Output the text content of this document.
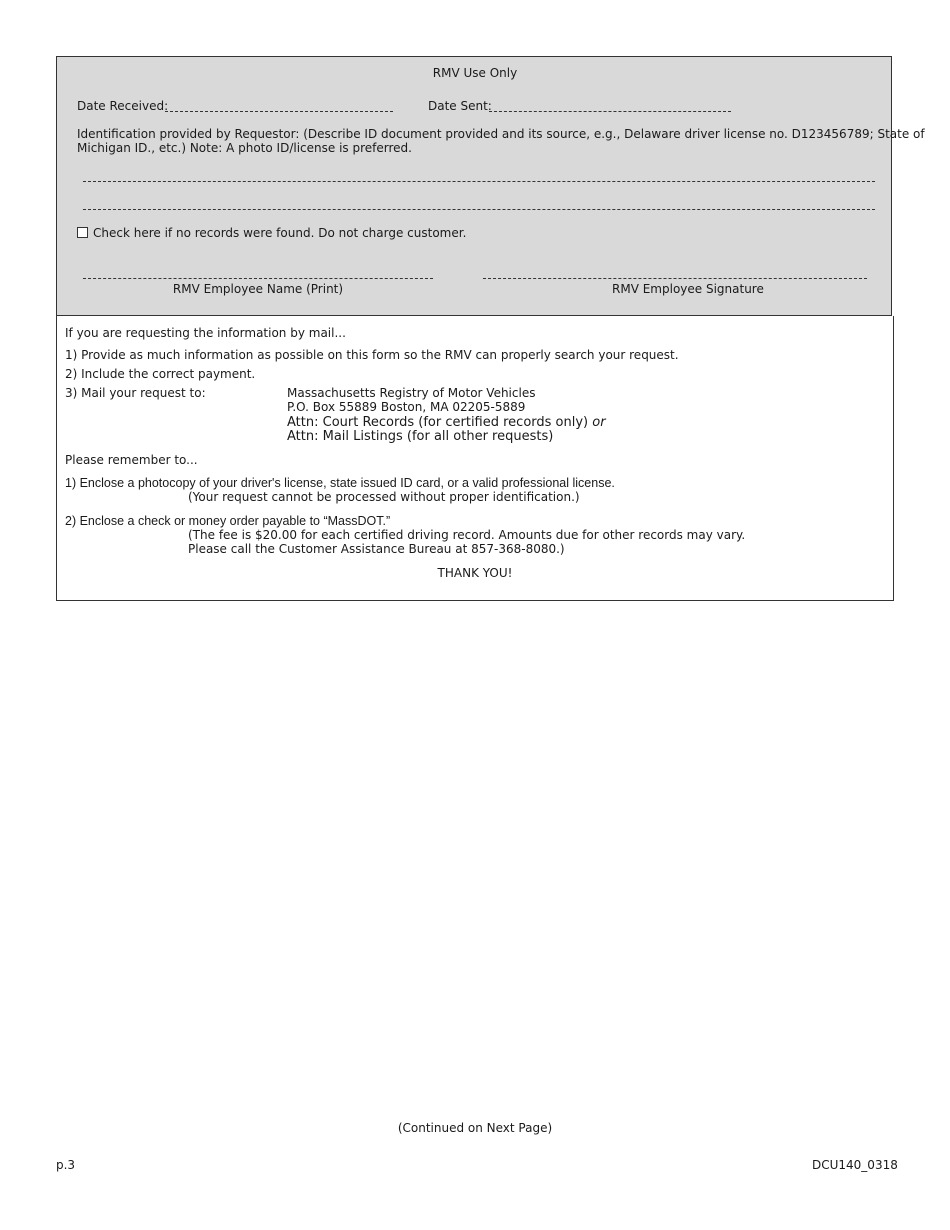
RMV Use Only
Date Received:	Date Sent:
Identification provided by Requestor: (Describe ID document provided and its source, e.g., Delaware driver license no. D123456789; State of
Michigan ID., etc.) Note: A photo ID/license is preferred.
Check here if no records were found. Do not charge customer.
RMV Employee Name (Print)	RMV Employee Signature
If you are requesting the information by mail...
1) Provide as much information as possible on this form so the RMV can properly search your request.
2) Include the correct payment.
3) Mail your request to:	Massachusetts Registry of Motor Vehicles
P.O. Box 55889 Boston, MA 02205-5889
Attn: Court Records (for certified records only) or
Attn: Mail Listings (for all other requests)
Please remember to...
1) Enclose a photocopy of your driver's license, state issued ID card, or a valid professional license.
(Your request cannot be processed without proper identification.)
2) Enclose a check or money order payable to “MassDOT.”
(The fee is $20.00 for each certified driving record. Amounts due for other records may vary.
Please call the Customer Assistance Bureau at 857-368-8080.)
THANK YOU!
(Continued on Next Page)
p.3	DCU140_0318
